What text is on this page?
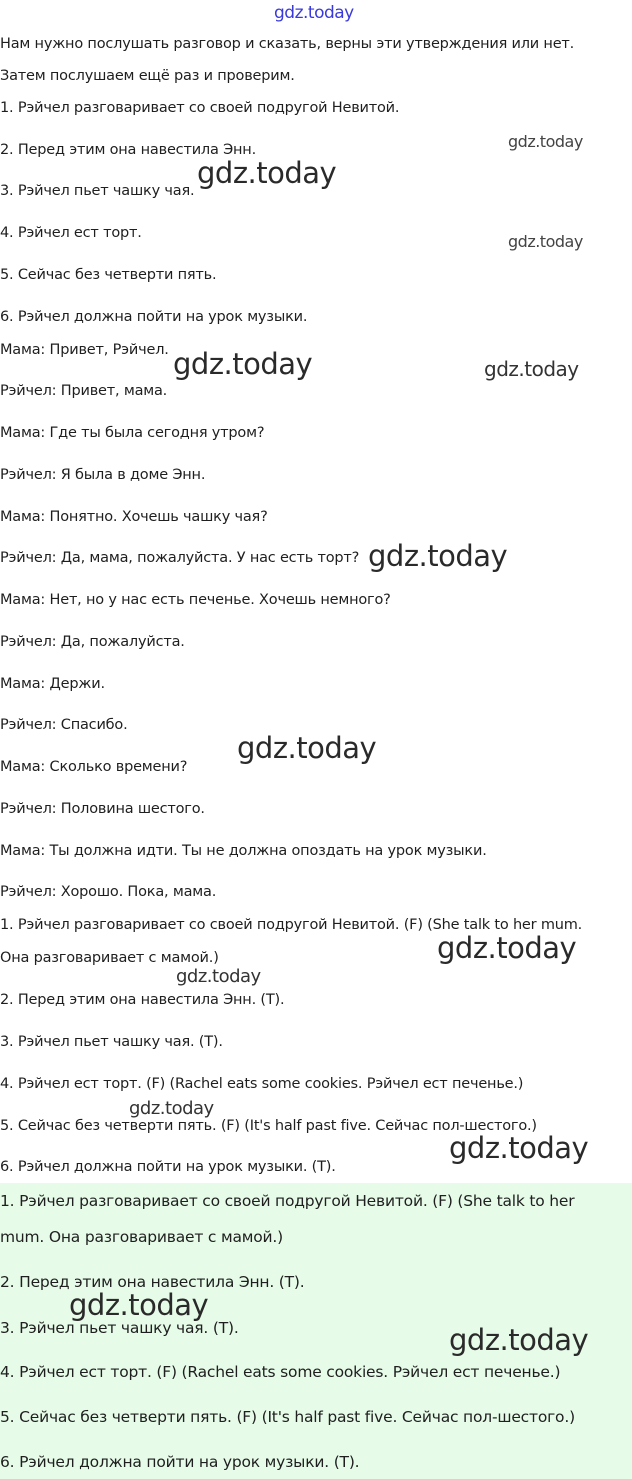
gdz.today
Нам нужно послушать разговор и сказать, верны эти утверждения или нет.
Затем послушаем ещё раз и проверим.
1. Рэйчел разговаривает со своей подругой Невитой.
2. Перед этим она навестила Энн.
3. Рэйчел пьет чашку чая.
4. Рэйчел ест торт.
5. Сейчас без четверти пять.
6. Рэйчел должна пойти на урок музыки.
Мама: Привет, Рэйчел.
Рэйчел: Привет, мама.
Мама: Где ты была сегодня утром?
Рэйчел: Я была в доме Энн.
Мама: Понятно. Хочешь чашку чая?
Рэйчел: Да, мама, пожалуйста. У нас есть торт?
Мама: Нет, но у нас есть печенье. Хочешь немного?
Рэйчел: Да, пожалуйста.
Мама: Держи.
Рэйчел: Спасибо.
Мама: Сколько времени?
Рэйчел: Половина шестого.
Мама: Ты должна идти. Ты не должна опоздать на урок музыки.
Рэйчел: Хорошо. Пока, мама.
1. Рэйчел разговаривает со своей подругой Невитой. (F) (She talk to her mum.
Она разговаривает с мамой.)
2. Перед этим она навестила Энн. (T).
3. Рэйчел пьет чашку чая. (T).
4. Рэйчел ест торт. (F) (Rachel eats some cookies. Рэйчел ест печенье.)
5. Сейчас без четверти пять. (F) (It's half past five. Сейчас пол-шестого.)
6. Рэйчел должна пойти на урок музыки. (T).
1. Рэйчел разговаривает со своей подругой Невитой. (F) (She talk to her
mum. Она разговаривает с мамой.)
2. Перед этим она навестила Энн. (T).
3. Рэйчел пьет чашку чая. (T).
4. Рэйчел ест торт. (F) (Rachel eats some cookies. Рэйчел ест печенье.)
5. Сейчас без четверти пять. (F) (It's half past five. Сейчас пол-шестого.)
6. Рэйчел должна пойти на урок музыки. (T).
gdz.today
gdz.today
gdz.today
gdz.today	gdz.today
gdz.today
gdz.today
gdz.today
gdz.today
gdz.today
gdz.today
gdz.today
gdz.today
